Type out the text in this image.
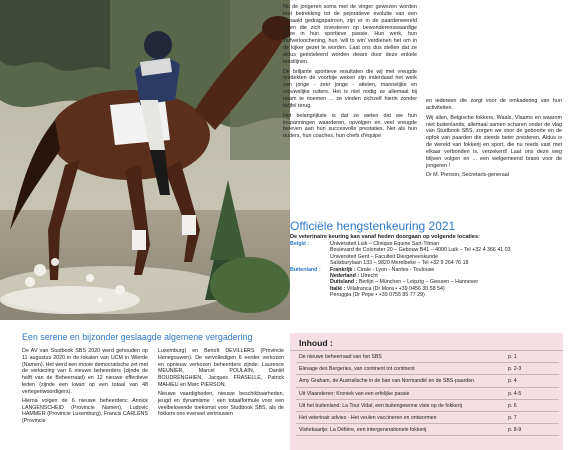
Nu de jongeren soms met de vinger gewezen worden met betrekking tot de pejoratieve evolutie van een bepaald gedragspatroon, zijn er in de paardenwereld velen die zich investeren op bewonderenswaardige wijze in hun sportieve passie. Hun werk, hun zelfverloochening, hun 'will to win' verdienen het om in de kijker gezet te worden. Laat ons dus stellen dat ze aldus geëxteleerd worden dwars door deze enkele tekstlijnen.

De briljante sportieve resultaten die wij met vreugde ontdekten de voorbije weken zijn inderdaad het werk van jonge - zeer jonge - atleten, mannelijke en vrouwelijke ruiters. Het is niet nodig ze allemaal bij naam te noemen ... ze vinden zichzelf hierin zonder twijfel terug.

Het belangrijkste is dat ze weten dat we hun inspanningen waarderen, opvolgen en veel vreugde beleven aan hun succesvolle prestaties. Net als hun ouders, hun coaches, hun chefs d'équipe

en iedereen die zorgt voor de omkadering van hun activiteiten.

Wij allen, Belgische fokkers, Waals, Vlaams en waarom niet buitenlands, allemaal samen scharen onder de vlag van Studbook SBS, zorgen we voor de geboorte en de opfok van paarden die steeds beter presteren. Aldus is de wereld van fokkerij en sport, die nu reeds vast met elkaar verbonden is, verzekerd! Laat ons deze weg blijven volgen en ... een welgemeend bravo voor de jongeren !

Dr M. Pierson, Secretaris-generaal
Officiële hengstenkeuring 2021
De veterinaire keuring kan vanaf heden doorgaan op volgende locaties:
België :	Universiteit Luik – Clinique Equine Sart-Tilman
Boulevard de Colonster 20 – Gebouw B41 – 4000 Luik – Tel +32 4 366 41 03
Universiteit Gent – Faculteit Diergeneeskunde
Salisburylaan 133 – 9820 Merelbeke – Tel +32 9 264 76 18
Buitenland :	Frankrijk : Cirale - Lyon - Nantes - Toulouse
Nederland : Utrecht
Duitsland : Berlijn – München – Leipzig – Giessen – Hannover
Italië : Villafranca (Dr Mora • +39 0456 30 58 54)
Peruggia (Dr Pepe • +39 0755 85 77 29)
Een serene en bijzonder geslaagde algemene vergadering

De AV van Studbook SBS 2020 werd gehouden op 11 augustus 2020 in de lokalen van UCM in Wierde (Namen). Het werd een mooie democratische zet met de verkiezing van 6 nieuwe beheerders (zijnde de helft van de Beheerraad) en 12 nieuwe effectieve leden (zijnde een kwart op een totaal van 48 vertegenwoordigers).

Hierna volgen de 6 nieuwe beheerders: Annick LANGENSCHEID (Provincie Namen), Ludovic HAMMER (Provincie Luxemburg), Francis CARLENS (Provincie

Luxemburg) en Benoît DEVILLERS (Provincie Henegouwen). De vervolledigen 6 eerder verkozen en opnieuw verkozen beheerders zijnde: Laurence MEUNIER, Marcel POULAIN, Daniël BOUDRENGHIEN, Jacques FRASELLE, Patrick MAHIEU en Marc PIERSON.

Nieuwe vaardigheden, nieuwe beschikbaarheden, jeugd en dynamisme : een totaalformule voor een veelbelovende toekomst voor Studbook SBS, als de fokkers ons eveneel vertrouwen

Inhoud :
De nieuwe beheerraad van het SBS	p. 1
Elevage des Bergeries, van continent tot continent	p. 2-3
Amy Graham, de Australische in de ban van Normandië en de SBS-paarden	p. 4
Uit Vlaanderen: Kroniek van een erfelijke passie	p. 4-5
Uit het buitenland: La Tour Vidal, een buitengewone visie op de fokkerij	p. 6
Het veterinair advies - Het veulen vaccineren en ontwormen	p. 7
Visitekaartje: La Défière, een intergenerationele fokkerij	p. 8-9
